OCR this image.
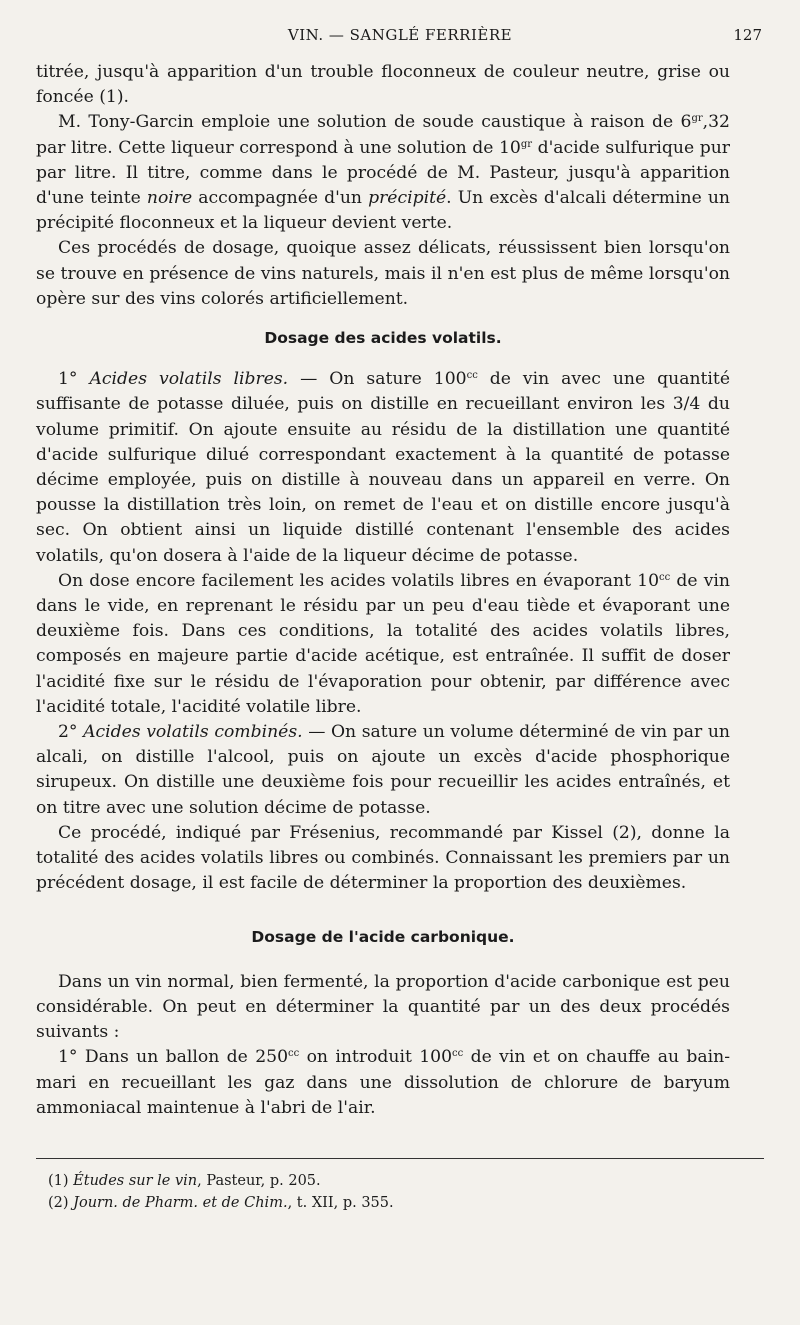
VIN. — SANGLÉ FERRIÈRE	127

titrée, jusqu'à apparition d'un trouble floconneux de couleur neutre, grise ou foncée (1).

M. Tony-Garcin emploie une solution de soude caustique à raison de $6^{gr},32$ par litre. Cette liqueur correspond à une solution de $10^{gr}$ d'acide sulfurique pur par litre. Il titre, comme dans le procédé de M. Pasteur, jusqu'à apparition d'une teinte noire accompagnée d'un précipité. Un excès d'alcali détermine un précipité floconneux et la liqueur devient verte.

Ces procédés de dosage, quoique assez délicats, réussissent bien lorsqu'on se trouve en présence de vins naturels, mais il n'en est plus de même lorsqu'on opère sur des vins colorés artificiellement.

Dosage des acides volatils.

1° Acides volatils libres. — On sature $100^{cc}$ de vin avec une quantité suffisante de potasse diluée, puis on distille en recueillant environ les 3/4 du volume primitif. On ajoute ensuite au résidu de la distillation une quantité d'acide sulfurique dilué correspondant exactement à la quantité de potasse décime employée, puis on distille à nouveau dans un appareil en verre. On pousse la distillation très loin, on remet de l'eau et on distille encore jusqu'à sec. On obtient ainsi un liquide distillé contenant l'ensemble des acides volatils, qu'on dosera à l'aide de la liqueur décime de potasse.

On dose encore facilement les acides volatils libres en évaporant $10^{cc}$ de vin dans le vide, en reprenant le résidu par un peu d'eau tiède et évaporant une deuxième fois. Dans ces conditions, la totalité des acides volatils libres, composés en majeure partie d'acide acétique, est entraînée. Il suffit de doser l'acidité fixe sur le résidu de l'évaporation pour obtenir, par différence avec l'acidité totale, l'acidité volatile libre.

2° Acides volatils combinés. — On sature un volume déterminé de vin par un alcali, on distille l'alcool, puis on ajoute un excès d'acide phosphorique sirupeux. On distille une deuxième fois pour recueillir les acides entraînés, et on titre avec une solution décime de potasse.

Ce procédé, indiqué par Frésenius, recommandé par Kissel (2), donne la totalité des acides volatils libres ou combinés. Connaissant les premiers par un précédent dosage, il est facile de déterminer la proportion des deuxièmes.

Dosage de l'acide carbonique.

Dans un vin normal, bien fermenté, la proportion d'acide carbonique est peu considérable. On peut en déterminer la quantité par un des deux procédés suivants :

1° Dans un ballon de $250^{cc}$ on introduit $100^{cc}$ de vin et on chauffe au bain-mari en recueillant les gaz dans une dissolution de chlorure de baryum ammoniacal maintenue à l'abri de l'air.

(1) Études sur le vin, Pasteur, p. 205.
(2) Journ. de Pharm. et de Chim., t. XII, p. 355.
